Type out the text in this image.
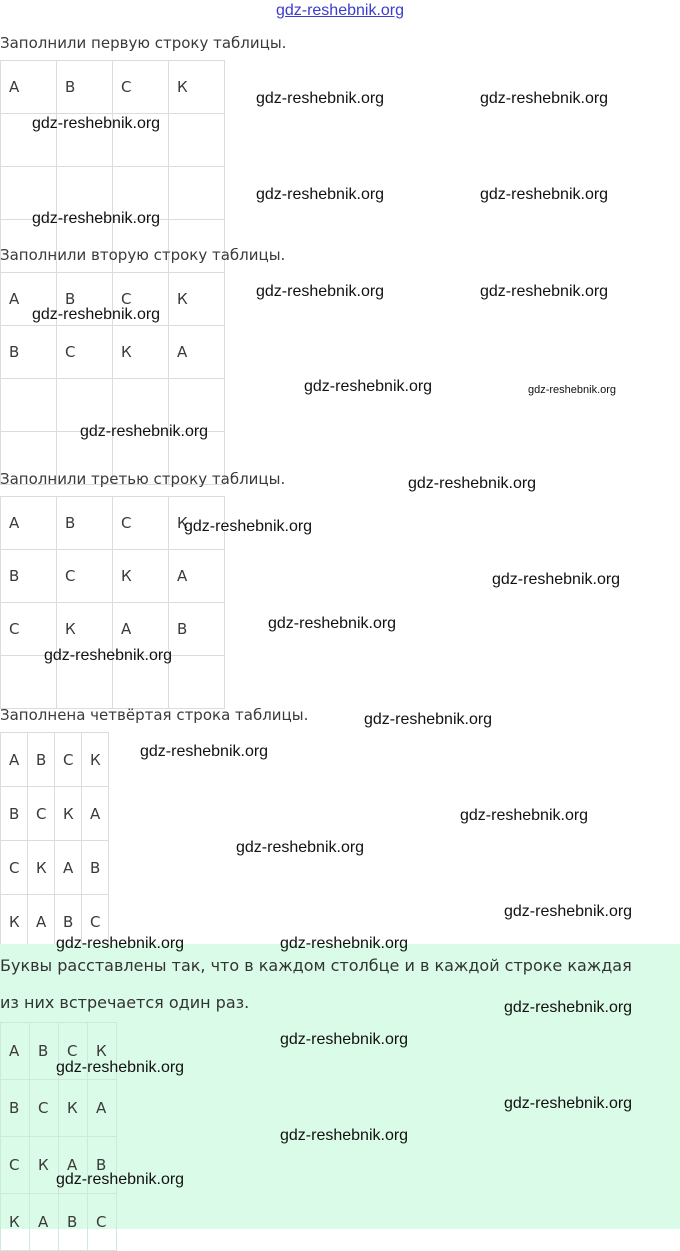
gdz-reshebnik.org
Заполнили первую строку таблицы.
А	В	С	К

Заполнили вторую строку таблицы.
А	В	С	К

В	С	К	А

Заполнили третью строку таблицы.
А	В	С	К

В	С	К	А

С	К	А	В

Заполнена четвёртая строка таблицы.
А	В	С	К

В	С	К	А

С	К	А	В

К	А	В	С
Буквы расставлены так, что в каждом столбце и в каждой строке каждая
из них встречается один раз.
А	В	С	К

В	С	К	А

С	К	А	В

К	А	В	С
gdz-reshebnik.org	gdz-reshebnik.org
gdz-reshebnik.org
gdz-reshebnik.org	gdz-reshebnik.org
gdz-reshebnik.org
gdz-reshebnik.org	gdz-reshebnik.org
gdz-reshebnik.org
gdz-reshebnik.org	gdz-reshebnik.org
gdz-reshebnik.org
gdz-reshebnik.org
gdz-reshebnik.org
gdz-reshebnik.org
gdz-reshebnik.org
gdz-reshebnik.org
gdz-reshebnik.org
gdz-reshebnik.org
gdz-reshebnik.org
gdz-reshebnik.org
gdz-reshebnik.org
gdz-reshebnik.org	gdz-reshebnik.org
gdz-reshebnik.org
gdz-reshebnik.org
gdz-reshebnik.org
gdz-reshebnik.org
gdz-reshebnik.org
gdz-reshebnik.org
